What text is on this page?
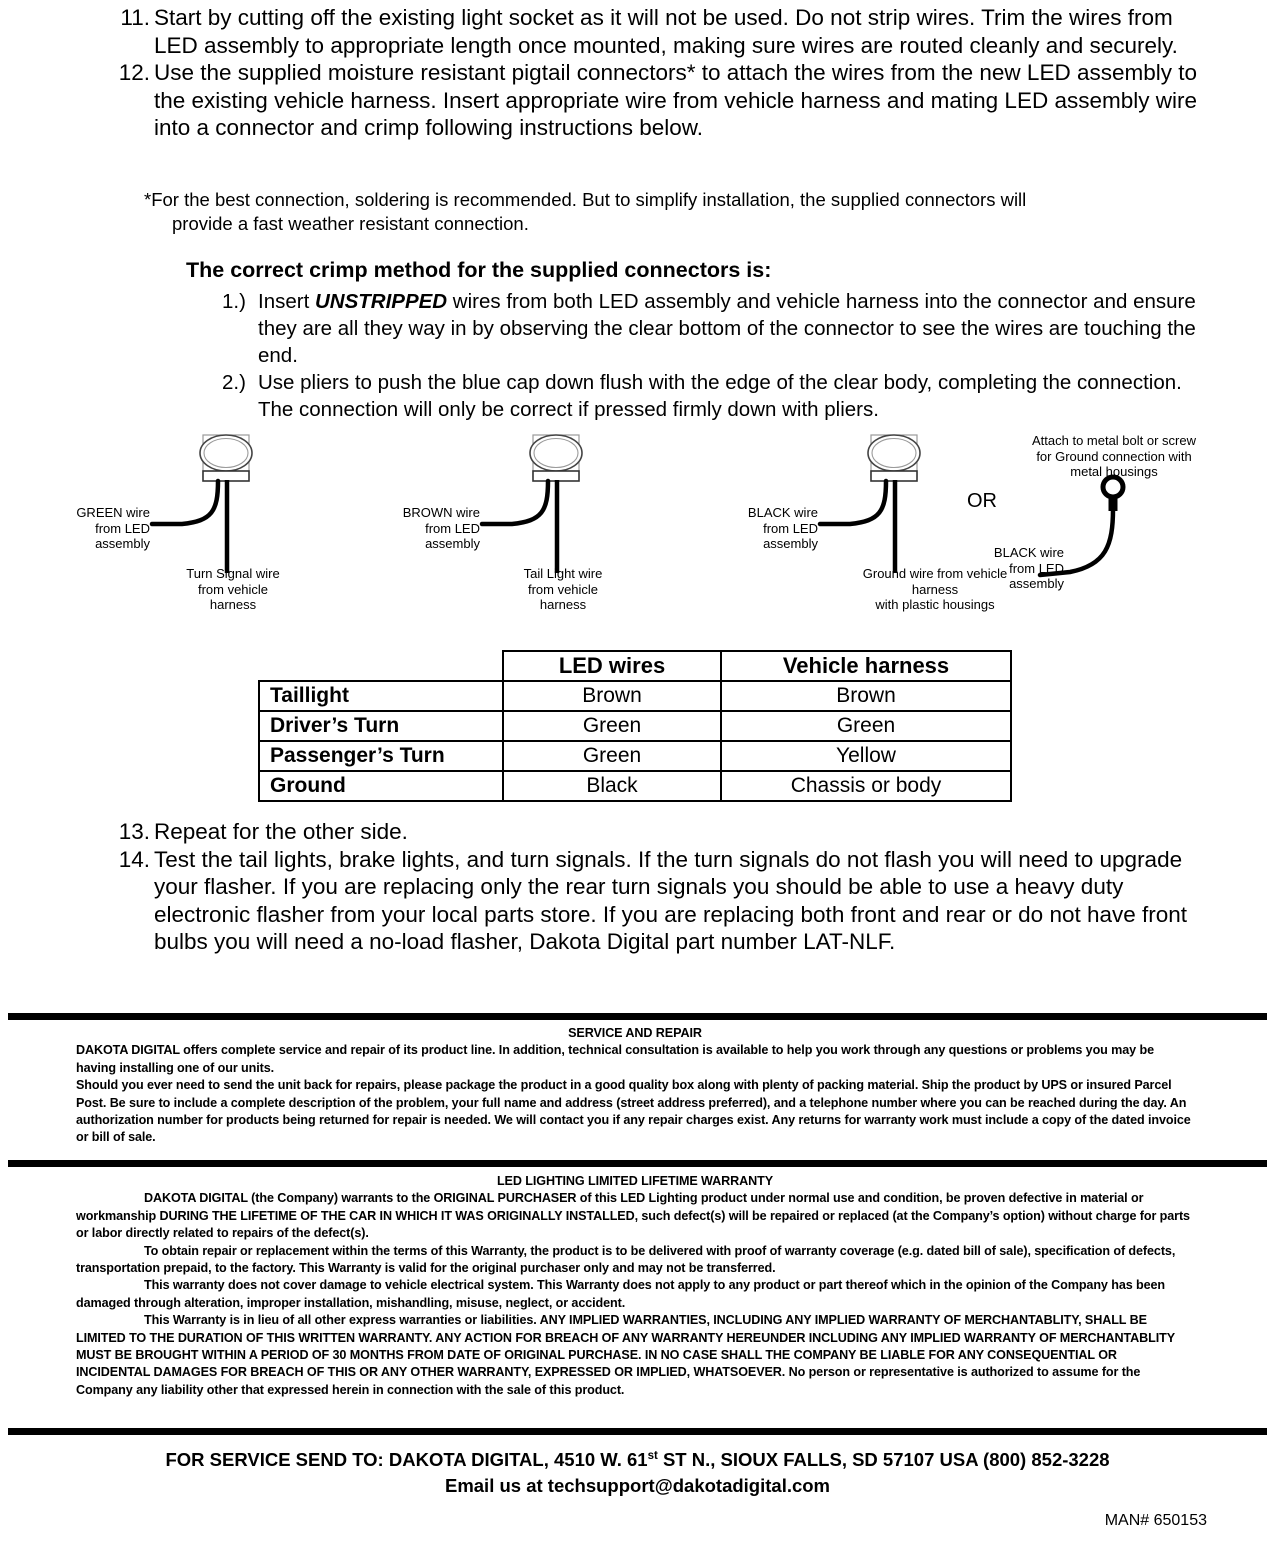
11. Start by cutting off the existing light socket as it will not be used. Do not strip wires. Trim the wires from LED assembly to appropriate length once mounted, making sure wires are routed cleanly and securely.
12. Use the supplied moisture resistant pigtail connectors* to attach the wires from the new LED assembly to the existing vehicle harness. Insert appropriate wire from vehicle harness and mating LED assembly wire into a connector and crimp following instructions below.
*For the best connection, soldering is recommended. But to simplify installation, the supplied connectors will
provide a fast weather resistant connection.
The correct crimp method for the supplied connectors is:
1.) Insert UNSTRIPPED wires from both LED assembly and vehicle harness into the connector and ensure they are all they way in by observing the clear bottom of the connector to see the wires are touching the end.
2.) Use pliers to push the blue cap down flush with the edge of the clear body, completing the connection. The connection will only be correct if pressed firmly down with pliers.
GREEN wire
from LED
assembly
Turn Signal wire
from vehicle
harness
BROWN wire
from LED
assembly
Tail Light wire
from vehicle
harness
BLACK wire
from LED
assembly
Ground wire from vehicle
harness
with plastic housings
OR
Attach to metal bolt or screw
for Ground connection with
metal housings
BLACK wire
from LED
assembly
	LED wires	Vehicle harness
Taillight	Brown	Brown
Driver’s Turn	Green	Green
Passenger’s Turn	Green	Yellow
Ground	Black	Chassis or body
13. Repeat for the other side.
14. Test the tail lights, brake lights, and turn signals. If the turn signals do not flash you will need to upgrade your flasher. If you are replacing only the rear turn signals you should be able to use a heavy duty electronic flasher from your local parts store. If you are replacing both front and rear or do not have front bulbs you will need a no-load flasher, Dakota Digital part number LAT-NLF.

SERVICE AND REPAIR

DAKOTA DIGITAL offers complete service and repair of its product line. In addition, technical consultation is available to help you work through any questions or problems you may be having installing one of our units.

Should you ever need to send the unit back for repairs, please package the product in a good quality box along with plenty of packing material. Ship the product by UPS or insured Parcel Post. Be sure to include a complete description of the problem, your full name and address (street address preferred), and a telephone number where you can be reached during the day. An authorization number for products being returned for repair is needed. We will contact you if any repair charges exist. Any returns for warranty work must include a copy of the dated invoice or bill of sale.

LED LIGHTING LIMITED LIFETIME WARRANTY

DAKOTA DIGITAL (the Company) warrants to the ORIGINAL PURCHASER of this LED Lighting product under normal use and condition, be proven defective in material or workmanship DURING THE LIFETIME OF THE CAR IN WHICH IT WAS ORIGINALLY INSTALLED, such defect(s) will be repaired or replaced (at the Company’s option) without charge for parts or labor directly related to repairs of the defect(s).

To obtain repair or replacement within the terms of this Warranty, the product is to be delivered with proof of warranty coverage (e.g. dated bill of sale), specification of defects, transportation prepaid, to the factory. This Warranty is valid for the original purchaser only and may not be transferred.

This warranty does not cover damage to vehicle electrical system. This Warranty does not apply to any product or part thereof which in the opinion of the Company has been damaged through alteration, improper installation, mishandling, misuse, neglect, or accident.

This Warranty is in lieu of all other express warranties or liabilities. ANY IMPLIED WARRANTIES, INCLUDING ANY IMPLIED WARRANTY OF MERCHANTABLITY, SHALL BE LIMITED TO THE DURATION OF THIS WRITTEN WARRANTY. ANY ACTION FOR BREACH OF ANY WARRANTY HEREUNDER INCLUDING ANY IMPLIED WARRANTY OF MERCHANTABLITY MUST BE BROUGHT WITHIN A PERIOD OF 30 MONTHS FROM DATE OF ORIGINAL PURCHASE. IN NO CASE SHALL THE COMPANY BE LIABLE FOR ANY CONSEQUENTIAL OR INCIDENTAL DAMAGES FOR BREACH OF THIS OR ANY OTHER WARRANTY, EXPRESSED OR IMPLIED, WHATSOEVER. No person or representative is authorized to assume for the Company any liability other that expressed herein in connection with the sale of this product.

FOR SERVICE SEND TO: DAKOTA DIGITAL, 4510 W. 61st ST N., SIOUX FALLS, SD 57107 USA (800) 852-3228
Email us at techsupport@dakotadigital.com
MAN# 650153
